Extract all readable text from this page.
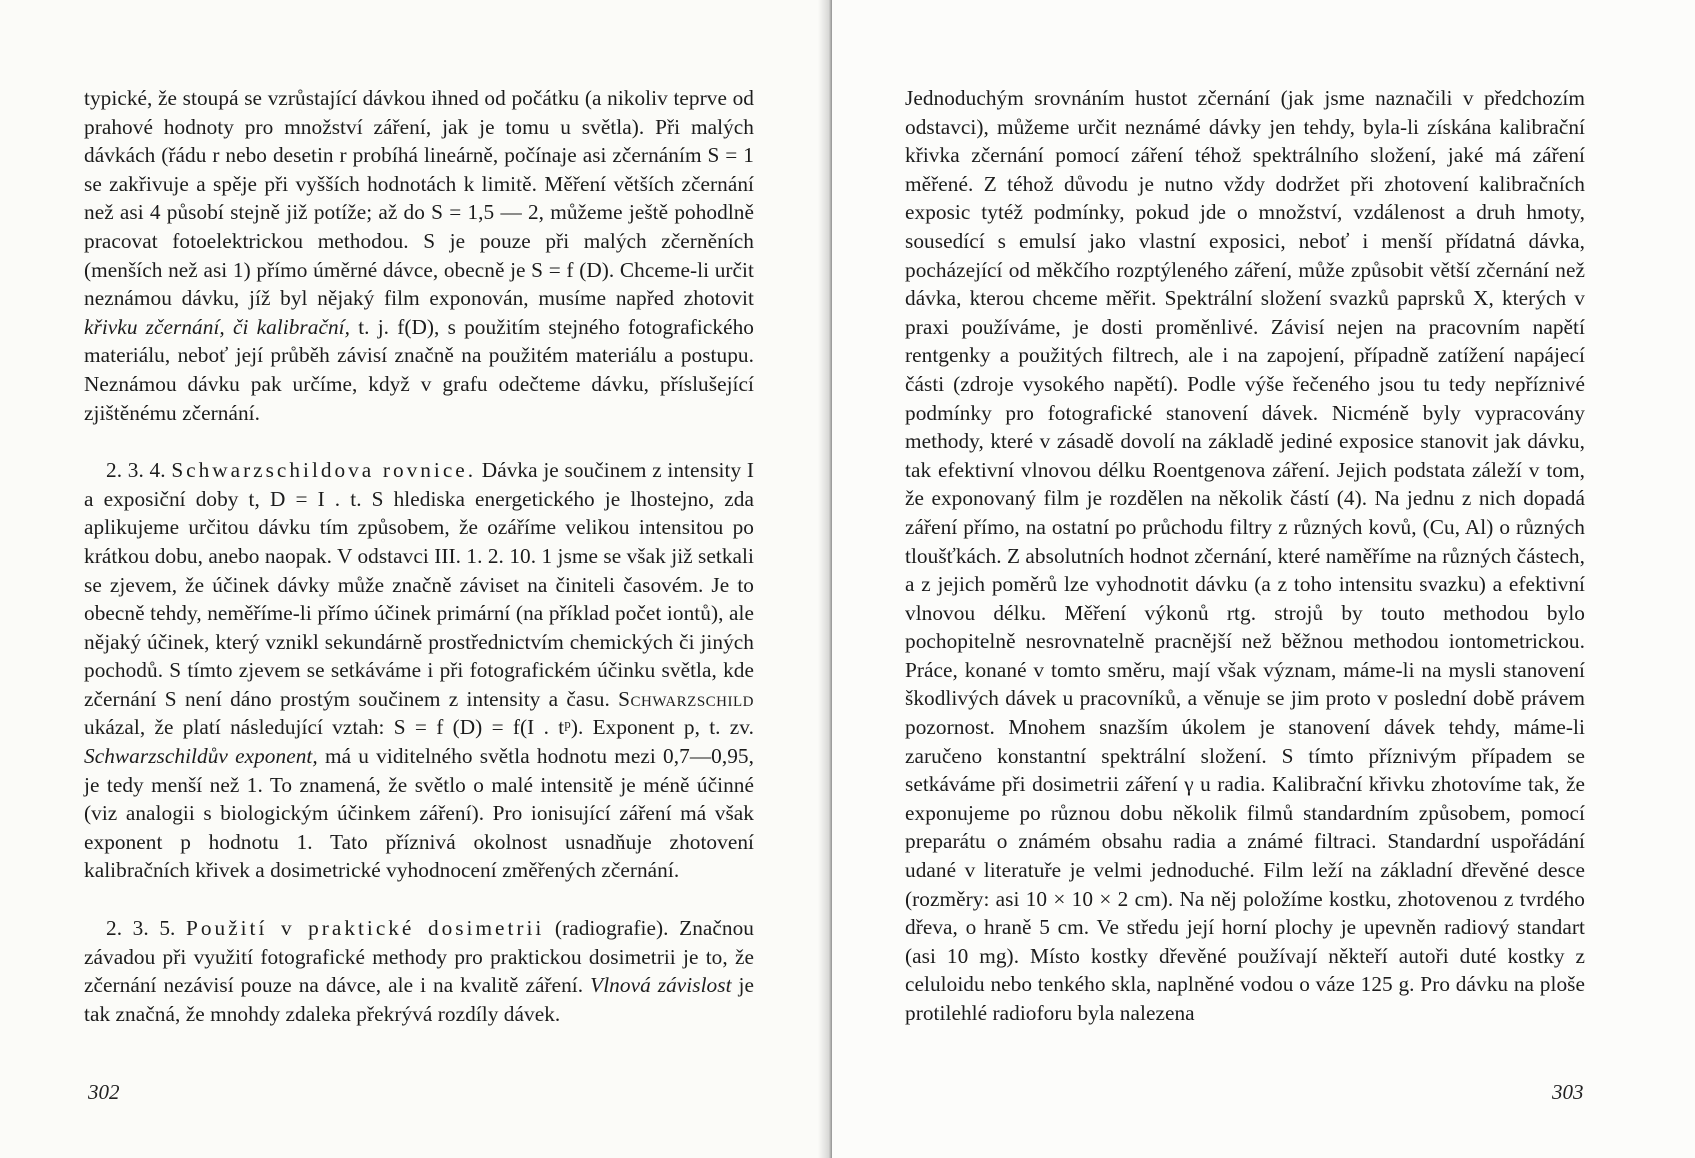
typické, že stoupá se vzrůstající dávkou ihned od počátku (a nikoliv teprve od prahové hodnoty pro množství záření, jak je tomu u světla). Při malých dávkách (řádu r nebo desetin r probíhá lineárně, počínaje asi zčernáním S = 1 se zakřivuje a spěje při vyšších hodnotách k limitě. Měření větších zčernání než asi 4 působí stejně již potíže; až do S = 1,5 — 2, můžeme ještě pohodlně pracovat fotoelektrickou methodou. S je pouze při malých zčerněních (menších než asi 1) přímo úměrné dávce, obecně je S = f (D). Chceme-li určit neznámou dávku, jíž byl nějaký film exponován, musíme napřed zhotovit křivku zčernání, či kalibrační, t. j. f(D), s použitím stejného fotografického materiálu, neboť její průběh závisí značně na použitém materiálu a postupu. Neznámou dávku pak určíme, když v grafu odečteme dávku, příslušející zjištěnému zčernání.

2. 3. 4. Schwarzschildova rovnice. Dávka je součinem z intensity I a exposiční doby t, D = I . t. S hlediska energetického je lhostejno, zda aplikujeme určitou dávku tím způsobem, že ozáříme velikou intensitou po krátkou dobu, anebo naopak. V odstavci III. 1. 2. 10. 1 jsme se však již setkali se zjevem, že účinek dávky může značně záviset na činiteli časovém. Je to obecně tehdy, neměříme-li přímo účinek primární (na příklad počet iontů), ale nějaký účinek, který vznikl sekundárně prostřednictvím chemických či jiných pochodů. S tímto zjevem se setkáváme i při fotografickém účinku světla, kde zčernání S není dáno prostým součinem z intensity a času. Schwarzschild ukázal, že platí následující vztah: S = f (D) = f(I . tᵖ). Exponent p, t. zv. Schwarzschildův exponent, má u viditelného světla hodnotu mezi 0,7—0,95, je tedy menší než 1. To znamená, že světlo o malé intensitě je méně účinné (viz analogii s biologickým účinkem záření). Pro ionisující záření má však exponent p hodnotu 1. Tato příznivá okolnost usnadňuje zhotovení kalibračních křivek a dosimetrické vyhodnocení změřených zčernání.

2. 3. 5. Použití v praktické dosimetrii (radiografie). Značnou závadou při využití fotografické methody pro praktickou dosimetrii je to, že zčernání nezávisí pouze na dávce, ale i na kvalitě záření. Vlnová závislost je tak značná, že mnohdy zdaleka překrývá rozdíly dávek.

302

Jednoduchým srovnáním hustot zčernání (jak jsme naznačili v předchozím odstavci), můžeme určit neznámé dávky jen tehdy, byla-li získána kalibrační křivka zčernání pomocí záření téhož spektrálního složení, jaké má záření měřené. Z téhož důvodu je nutno vždy dodržet při zhotovení kalibračních exposic tytéž podmínky, pokud jde o množství, vzdálenost a druh hmoty, sousedící s emulsí jako vlastní exposici, neboť i menší přídatná dávka, pocházející od měkčího rozptýleného záření, může způsobit větší zčernání než dávka, kterou chceme měřit. Spektrální složení svazků paprsků X, kterých v praxi používáme, je dosti proměnlivé. Závisí nejen na pracovním napětí rentgenky a použitých filtrech, ale i na zapojení, případně zatížení napájecí části (zdroje vysokého napětí). Podle výše řečeného jsou tu tedy nepříznivé podmínky pro fotografické stanovení dávek. Nicméně byly vypracovány methody, které v zásadě dovolí na základě jediné exposice stanovit jak dávku, tak efektivní vlnovou délku Roentgenova záření. Jejich podstata záleží v tom, že exponovaný film je rozdělen na několik částí (4). Na jednu z nich dopadá záření přímo, na ostatní po průchodu filtry z různých kovů, (Cu, Al) o různých tloušťkách. Z absolutních hodnot zčernání, které naměříme na různých částech, a z jejich poměrů lze vyhodnotit dávku (a z toho intensitu svazku) a efektivní vlnovou délku. Měření výkonů rtg. strojů by touto methodou bylo pochopitelně nesrovnatelně pracnější než běžnou methodou iontometrickou. Práce, konané v tomto směru, mají však význam, máme-li na mysli stanovení škodlivých dávek u pracovníků, a věnuje se jim proto v poslední době právem pozornost. Mnohem snazším úkolem je stanovení dávek tehdy, máme-li zaručeno konstantní spektrální složení. S tímto příznivým případem se setkáváme při dosimetrii záření γ u radia. Kalibrační křivku zhotovíme tak, že exponujeme po různou dobu několik filmů standardním způsobem, pomocí preparátu o známém obsahu radia a známé filtraci. Standardní uspořádání udané v literatuře je velmi jednoduché. Film leží na základní dřevěné desce (rozměry: asi 10 × 10 × 2 cm). Na něj položíme kostku, zhotovenou z tvrdého dřeva, o hraně 5 cm. Ve středu její horní plochy je upevněn radiový standart (asi 10 mg). Místo kostky dřevěné používají někteří autoři duté kostky z celuloidu nebo tenkého skla, naplněné vodou o váze 125 g. Pro dávku na ploše protilehlé radioforu byla nalezena

303
